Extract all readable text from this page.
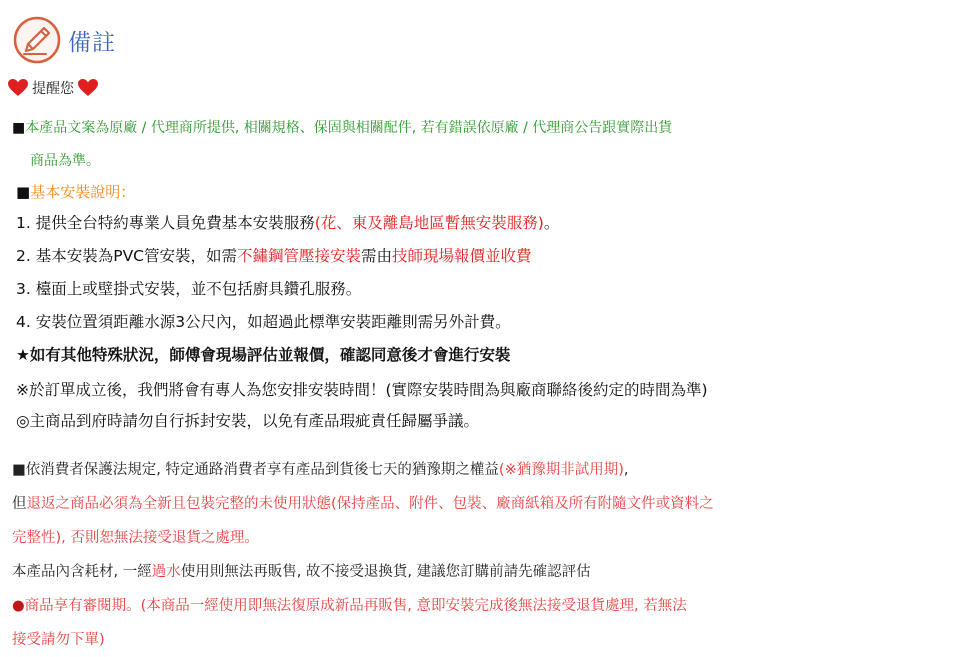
備註
提醒您
■本產品文案為原廠 / 代理商所提供, 相關規格、保固與相關配件, 若有錯誤依原廠 / 代理商公告跟實際出貨
商品為準。
■基本安裝說明：
1. 提供全台特約專業人員免費基本安裝服務(花、東及離島地區暫無安裝服務)。
2. 基本安裝為PVC管安裝，如需不鏽鋼管壓接安裝需由技師現場報價並收費
3. 檯面上或壁掛式安裝，並不包括廚具鑽孔服務。
4. 安裝位置須距離水源3公尺內，如超過此標準安裝距離則需另外計費。
★如有其他特殊狀況，師傅會現場評估並報價，確認同意後才會進行安裝
※於訂單成立後，我們將會有專人為您安排安裝時間！(實際安裝時間為與廠商聯絡後約定的時間為準)
◎主商品到府時請勿自行拆封安裝，以免有產品瑕疵責任歸屬爭議。
■依消費者保護法規定, 特定通路消費者享有產品到貨後七天的猶豫期之權益(※猶豫期非試用期),
但退返之商品必須為全新且包裝完整的未使用狀態(保持產品、附件、包裝、廠商紙箱及所有附隨文件或資料之
完整性), 否則恕無法接受退貨之處理。
本產品內含耗材, 一經過水使用則無法再販售, 故不接受退換貨, 建議您訂購前請先確認評估
●商品享有審閱期。(本商品一經使用即無法復原成新品再販售, 意即安裝完成後無法接受退貨處理, 若無法
接受請勿下單)
